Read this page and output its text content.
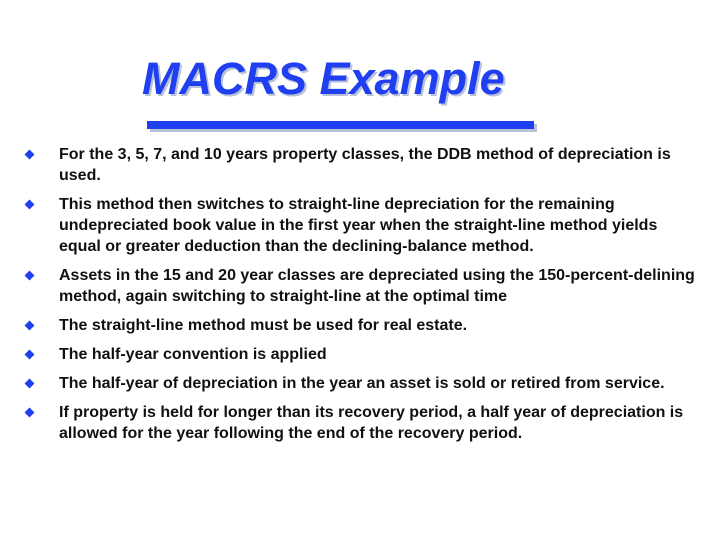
MACRS Example
For the 3, 5, 7, and 10 years property classes, the DDB method of depreciation is used.
This method then switches to straight-line depreciation for the remaining undepreciated book value in the first year when the straight-line method yields equal or greater deduction than the declining-balance method.
Assets in the 15 and 20 year classes are depreciated using the 150-percent-delining method, again switching to straight-line at the optimal time
The straight-line method must be used for real estate.
The half-year convention is applied
The half-year of depreciation in the year an asset is sold or retired from service.
If property is held for longer than its recovery period, a half year of depreciation is allowed for the year following the end of the recovery period.
